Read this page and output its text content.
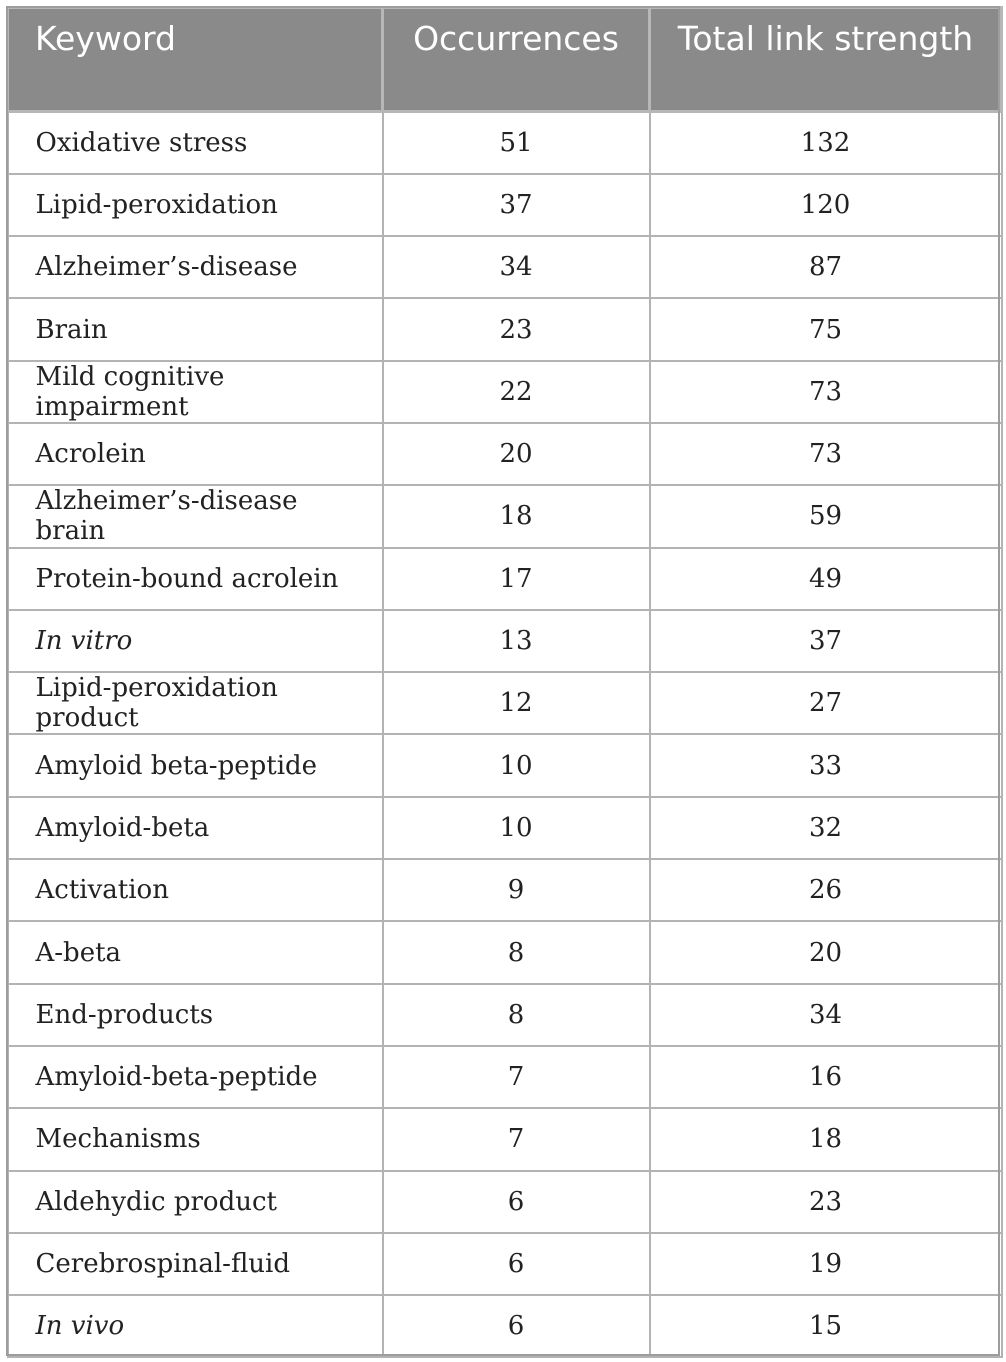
Keyword	Occurrences	Total link strength
Oxidative stress	51	132
Lipid-peroxidation	37	120
Alzheimer’s-disease	34	87
Brain	23	75
Mild cognitive impairment	22	73
Acrolein	20	73
Alzheimer’s-disease brain	18	59
Protein-bound acrolein	17	49
In vitro	13	37
Lipid-peroxidation product	12	27
Amyloid beta-peptide	10	33
Amyloid-beta	10	32
Activation	9	26
A-beta	8	20
End-products	8	34
Amyloid-beta-peptide	7	16
Mechanisms	7	18
Aldehydic product	6	23
Cerebrospinal-fluid	6	19
In vivo	6	15
